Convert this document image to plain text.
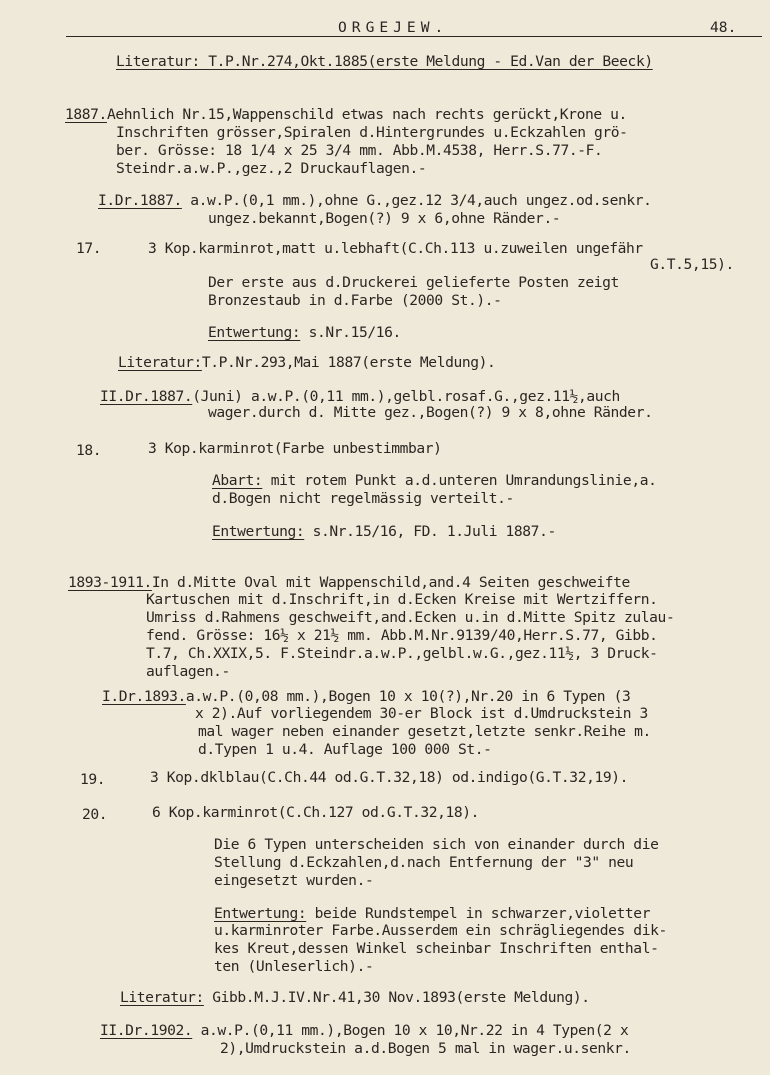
ORGEJEW.	48.
Literatur: T.P.Nr.274,Okt.1885(erste Meldung - Ed.Van der Beeck)
1887.Aehnlich Nr.15,Wappenschild etwas nach rechts gerückt,Krone u.
Inschriften grösser,Spiralen d.Hintergrundes u.Eckzahlen grö-
ber. Grösse: 18 1/4 x 25 3/4 mm. Abb.M.4538, Herr.S.77.-F.
Steindr.a.w.P.,gez.,2 Druckauflagen.-
I.Dr.1887. a.w.P.(0,1 mm.),ohne G.,gez.12 3/4,auch ungez.od.senkr.
ungez.bekannt,Bogen(?) 9 x 6,ohne Ränder.-
17.	3 Kop.karminrot,matt u.lebhaft(C.Ch.113 u.zuweilen ungefähr
G.T.5,15).
Der erste aus d.Druckerei gelieferte Posten zeigt
Bronzestaub in d.Farbe (2000 St.).-
Entwertung: s.Nr.15/16.
Literatur:T.P.Nr.293,Mai 1887(erste Meldung).
II.Dr.1887.(Juni) a.w.P.(0,11 mm.),gelbl.rosaf.G.,gez.11½,auch
wager.durch d. Mitte gez.,Bogen(?) 9 x 8,ohne Ränder.
18.	3 Kop.karminrot(Farbe unbestimmbar)
Abart: mit rotem Punkt a.d.unteren Umrandungslinie,a.
d.Bogen nicht regelmässig verteilt.-
Entwertung: s.Nr.15/16, FD. 1.Juli 1887.-
1893-1911.In d.Mitte Oval mit Wappenschild,and.4 Seiten geschweifte
Kartuschen mit d.Inschrift,in d.Ecken Kreise mit Wertziffern.
Umriss d.Rahmens geschweift,and.Ecken u.in d.Mitte Spitz zulau-
fend. Grösse: 16½ x 21½ mm. Abb.M.Nr.9139/40,Herr.S.77, Gibb.
T.7, Ch.XXIX,5. F.Steindr.a.w.P.,gelbl.w.G.,gez.11½, 3 Druck-
auflagen.-
I.Dr.1893.a.w.P.(0,08 mm.),Bogen 10 x 10(?),Nr.20 in 6 Typen (3
x 2).Auf vorliegendem 30-er Block ist d.Umdruckstein 3
mal wager neben einander gesetzt,letzte senkr.Reihe m.
d.Typen 1 u.4. Auflage 100 000 St.-
19.	3 Kop.dklblau(C.Ch.44 od.G.T.32,18) od.indigo(G.T.32,19).
20.	6 Kop.karminrot(C.Ch.127 od.G.T.32,18).
Die 6 Typen unterscheiden sich von einander durch die
Stellung d.Eckzahlen,d.nach Entfernung der "3" neu
eingesetzt wurden.-
Entwertung: beide Rundstempel in schwarzer,violetter
u.karminroter Farbe.Ausserdem ein schrägliegendes dik-
kes Kreut,dessen Winkel scheinbar Inschriften enthal-
ten (Unleserlich).-
Literatur: Gibb.M.J.IV.Nr.41,30 Nov.1893(erste Meldung).
II.Dr.1902. a.w.P.(0,11 mm.),Bogen 10 x 10,Nr.22 in 4 Typen(2 x
2),Umdruckstein a.d.Bogen 5 mal in wager.u.senkr.
